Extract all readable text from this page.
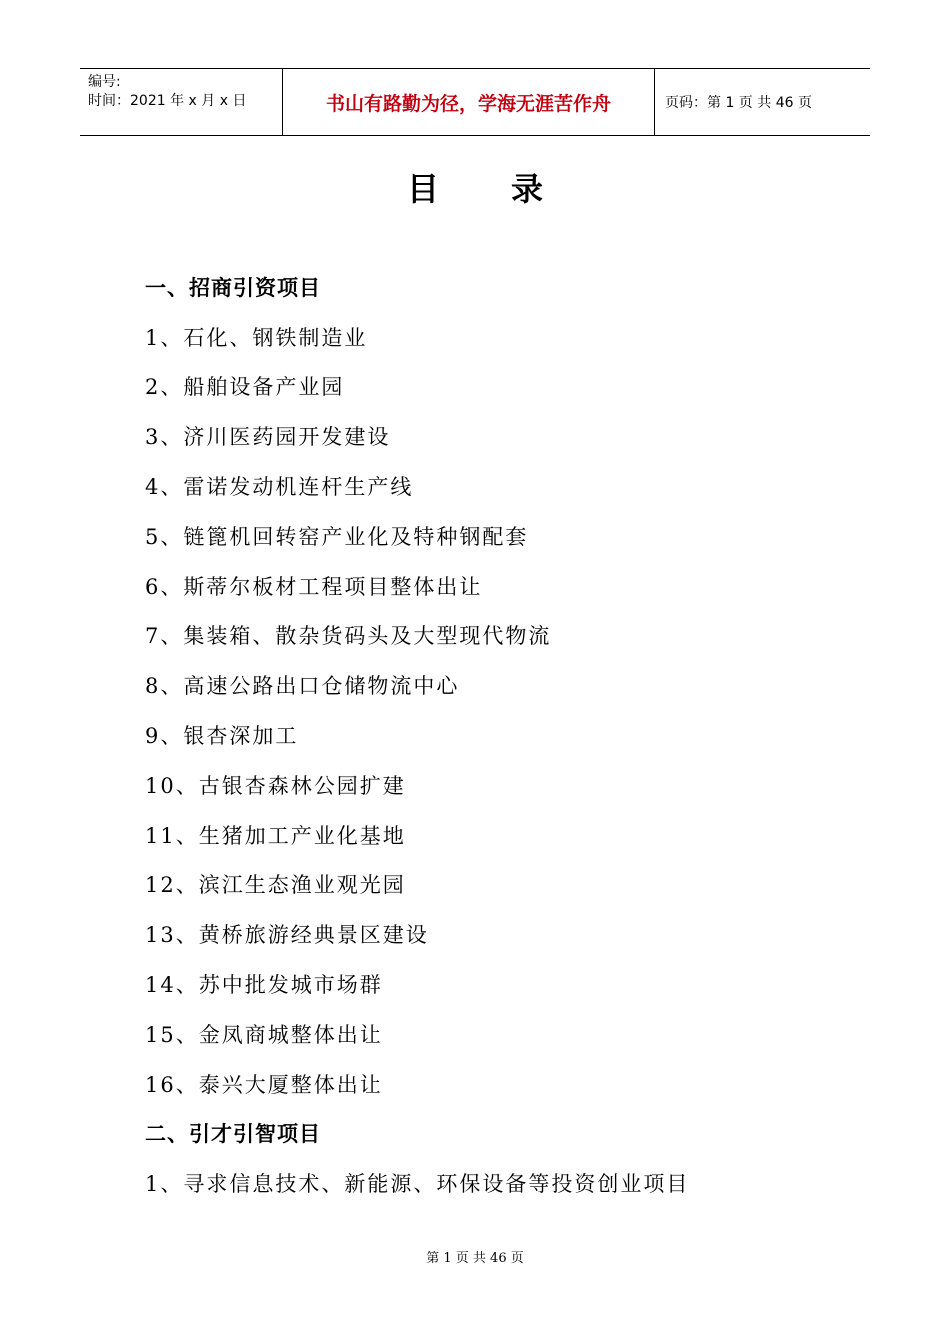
编号:
时间：2021 年 x 月 x 日	书山有路勤为径，学海无涯苦作舟	页码：第 1 页 共 46 页
目录
一、招商引资项目
1、石化、钢铁制造业
2、船舶设备产业园
3、济川医药园开发建设
4、雷诺发动机连杆生产线
5、链篦机回转窑产业化及特种钢配套
6、斯蒂尔板材工程项目整体出让
7、集装箱、散杂货码头及大型现代物流
8、高速公路出口仓储物流中心
9、银杏深加工
10、古银杏森林公园扩建
11、生猪加工产业化基地
12、滨江生态渔业观光园
13、黄桥旅游经典景区建设
14、苏中批发城市场群
15、金凤商城整体出让
16、泰兴大厦整体出让
二、引才引智项目
1、寻求信息技术、新能源、环保设备等投资创业项目
第 1 页 共 46 页
